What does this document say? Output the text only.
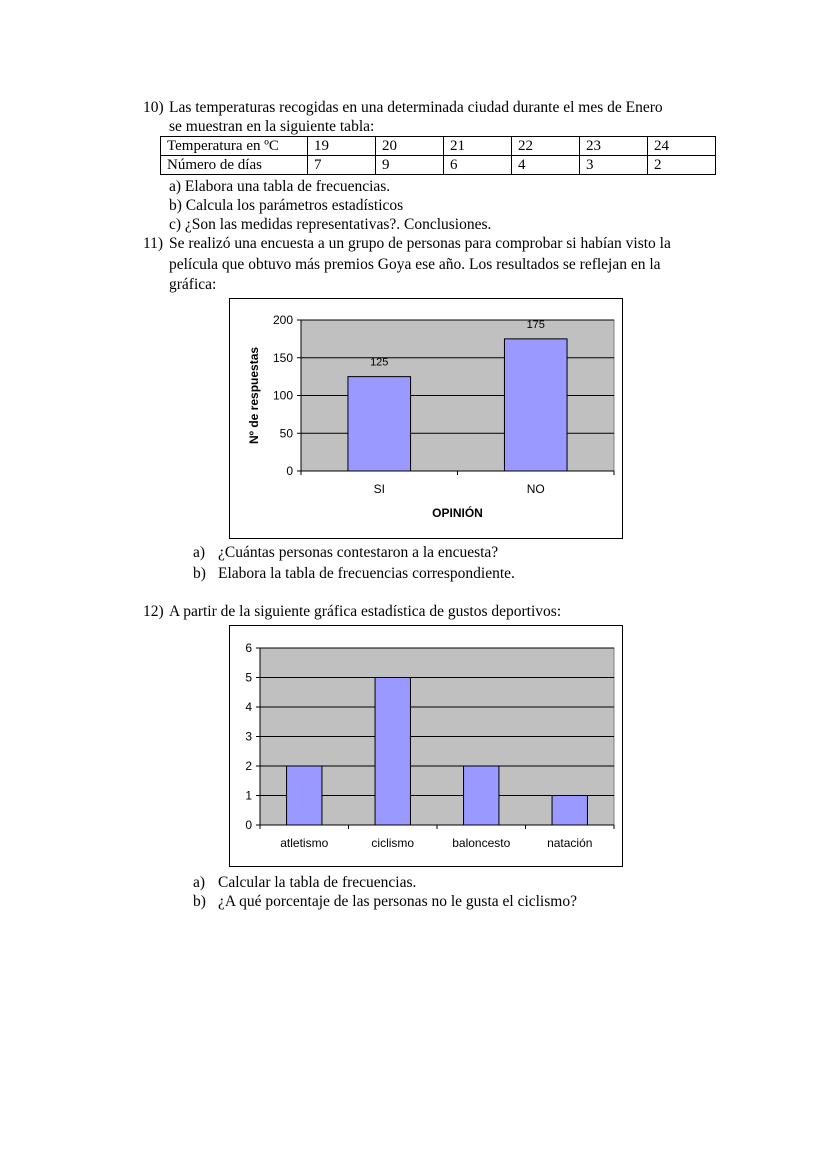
10) Las temperaturas recogidas en una determinada ciudad durante el mes de Enero
se muestran en la siguiente tabla:
Temperatura en ºC	19	20	21	22	23	24
Número de días	7	9	6	4	3	2
a) Elabora una tabla de frecuencias.
b) Calcula los parámetros estadísticos
c) ¿Son las medidas representativas?. Conclusiones.
11) Se realizó una encuesta a un grupo de personas para comprobar si habían visto la
película que obtuvo más premios Goya ese año. Los resultados se reflejan en la
gráfica:
0
50
100
150
200
SI
125
NO
175
OPINIÓN
Nº de respuestas
a) ¿Cuántas personas contestaron a la encuesta?
b) Elabora la tabla de frecuencias correspondiente.
12) A partir de la siguiente gráfica estadística de gustos deportivos:
0
1
2
3
4
5
6
atletismo	ciclismo	baloncesto	natación
a) Calcular la tabla de frecuencias.
b) ¿A qué porcentaje de las personas no le gusta el ciclismo?
